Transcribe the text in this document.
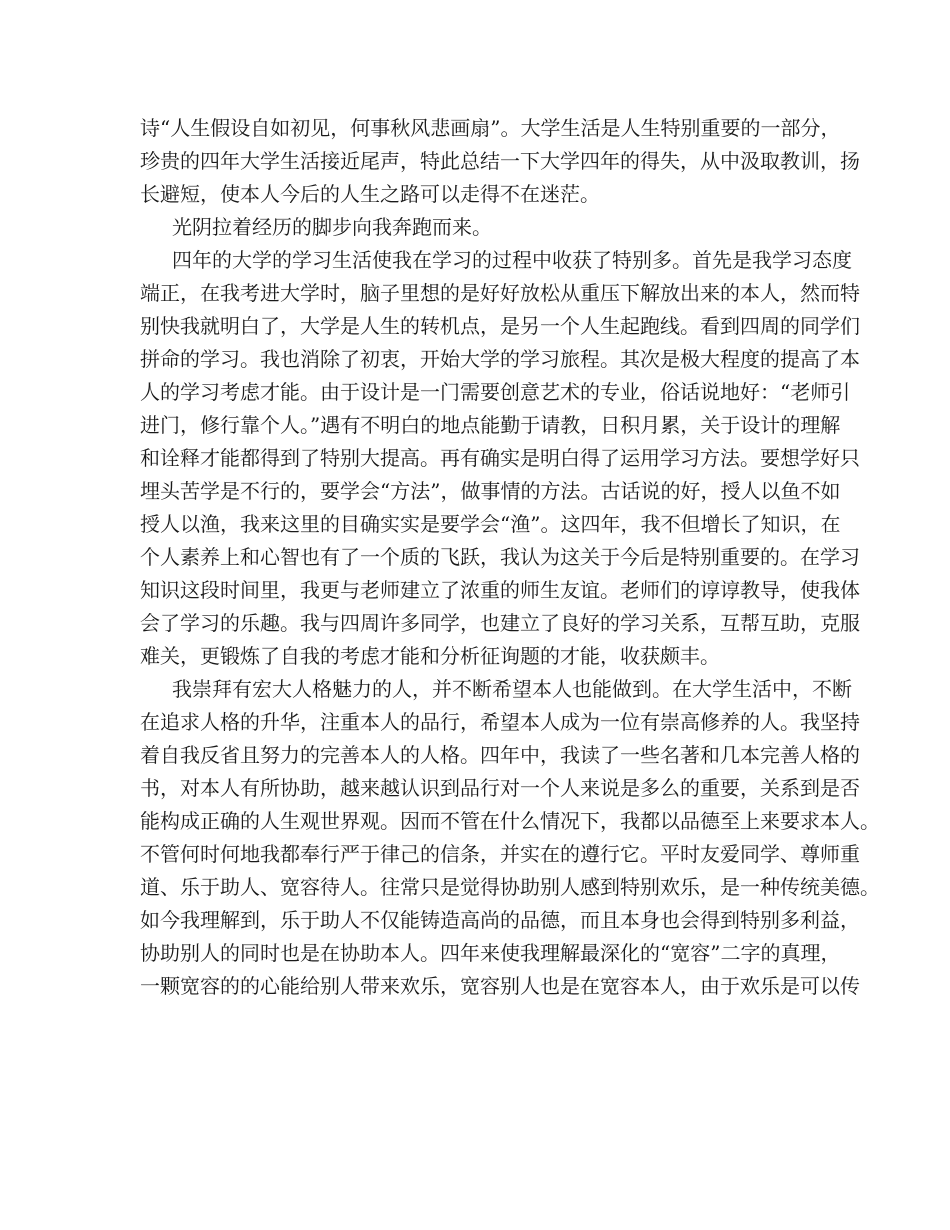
诗“人生假设自如初见，何事秋风悲画扇”。大学生活是人生特别重要的一部分，
珍贵的四年大学生活接近尾声，特此总结一下大学四年的得失，从中汲取教训，扬
长避短，使本人今后的人生之路可以走得不在迷茫。
光阴拉着经历的脚步向我奔跑而来。
四年的大学的学习生活使我在学习的过程中收获了特别多。首先是我学习态度
端正，在我考进大学时，脑子里想的是好好放松从重压下解放出来的本人，然而特
别快我就明白了，大学是人生的转机点，是另一个人生起跑线。看到四周的同学们
拼命的学习。我也消除了初衷，开始大学的学习旅程。其次是极大程度的提高了本
人的学习考虑才能。由于设计是一门需要创意艺术的专业，俗话说地好：“老师引
进门，修行靠个人。”遇有不明白的地点能勤于请教，日积月累，关于设计的理解
和诠释才能都得到了特别大提高。再有确实是明白得了运用学习方法。要想学好只
埋头苦学是不行的，要学会“方法”，做事情的方法。古话说的好，授人以鱼不如
授人以渔，我来这里的目确实实是要学会“渔”。这四年，我不但增长了知识，在
个人素养上和心智也有了一个质的飞跃，我认为这关于今后是特别重要的。在学习
知识这段时间里，我更与老师建立了浓重的师生友谊。老师们的谆谆教导，使我体
会了学习的乐趣。我与四周许多同学，也建立了良好的学习关系，互帮互助，克服
难关，更锻炼了自我的考虑才能和分析征询题的才能，收获颇丰。
我崇拜有宏大人格魅力的人，并不断希望本人也能做到。在大学生活中，不断
在追求人格的升华，注重本人的品行，希望本人成为一位有崇高修养的人。我坚持
着自我反省且努力的完善本人的人格。四年中，我读了一些名著和几本完善人格的
书，对本人有所协助，越来越认识到品行对一个人来说是多么的重要，关系到是否
能构成正确的人生观世界观。因而不管在什么情况下，我都以品德至上来要求本人。
不管何时何地我都奉行严于律己的信条，并实在的遵行它。平时友爱同学、尊师重
道、乐于助人、宽容待人。往常只是觉得协助别人感到特别欢乐，是一种传统美德。
如今我理解到，乐于助人不仅能铸造高尚的品德，而且本身也会得到特别多利益，
协助别人的同时也是在协助本人。四年来使我理解最深化的“宽容”二字的真理，
一颗宽容的的心能给别人带来欢乐，宽容别人也是在宽容本人，由于欢乐是可以传
